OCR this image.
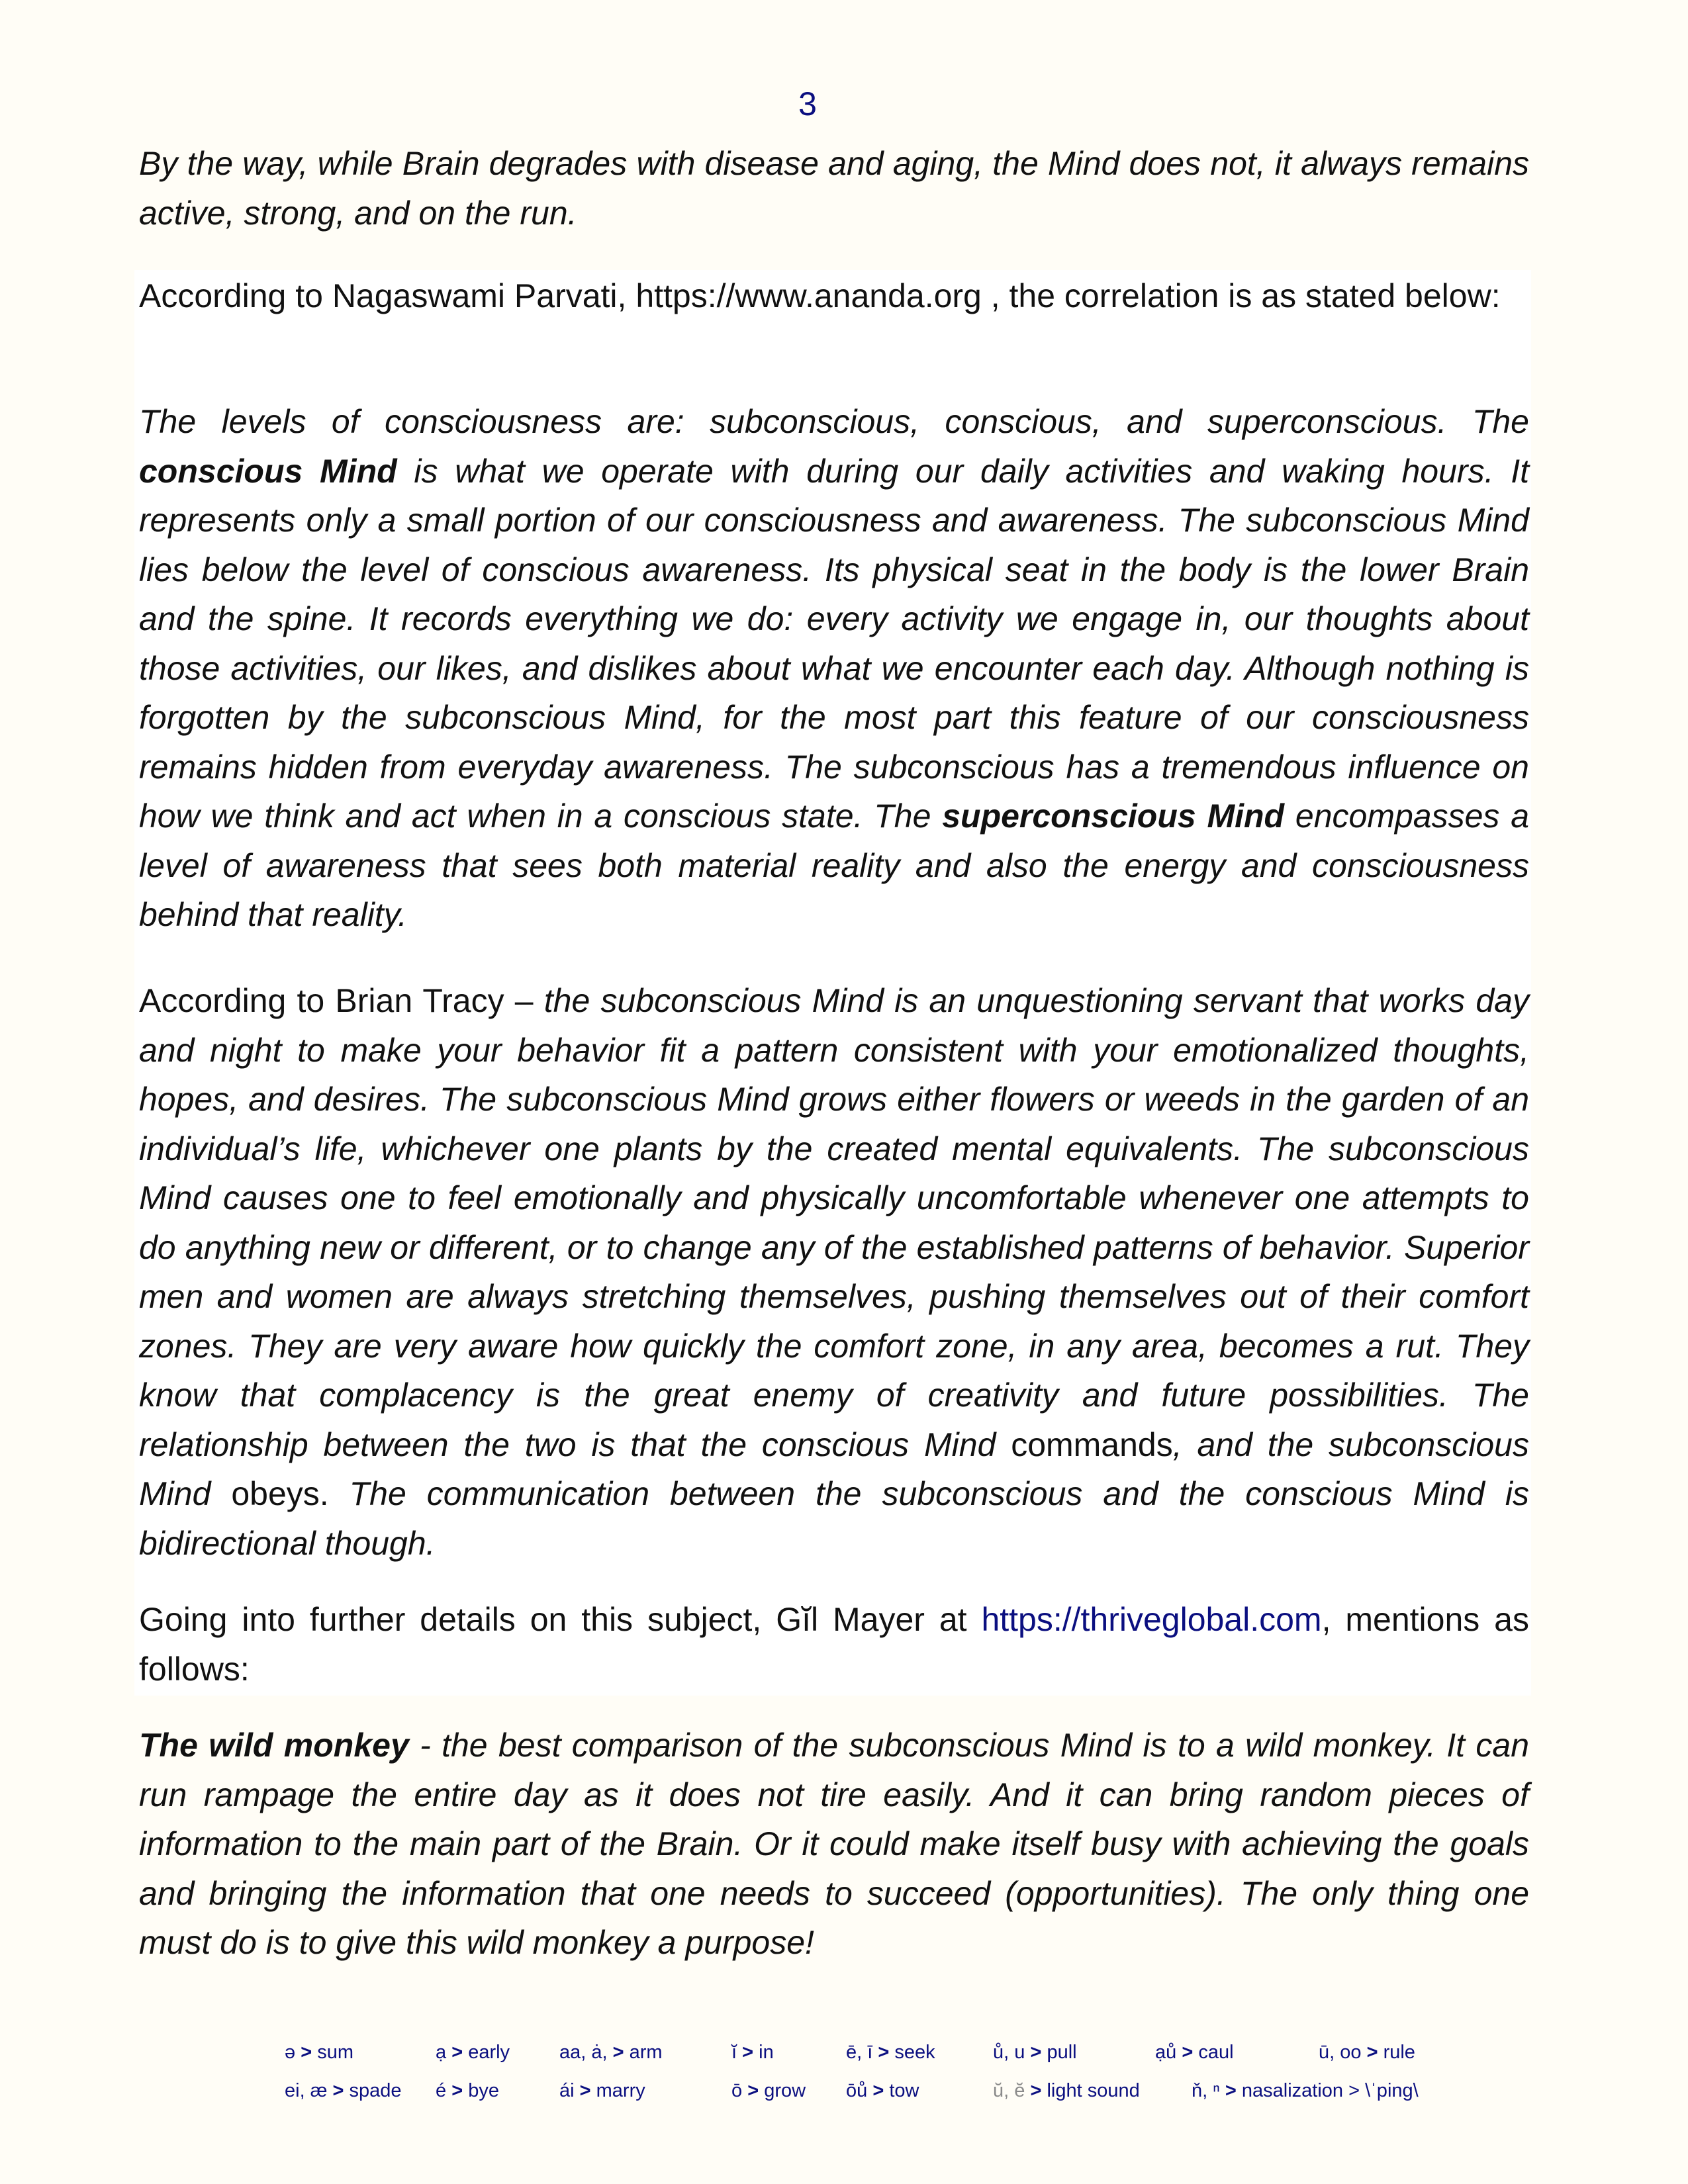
3

By the way, while Brain degrades with disease and aging, the Mind does not, it always remains active, strong, and on the run.

According to Nagaswami Parvati, https://www.ananda.org , the correlation is as stated below:

The levels of consciousness are: subconscious, conscious, and superconscious. The conscious Mind is what we operate with during our daily activities and waking hours. It represents only a small portion of our consciousness and awareness. The subconscious Mind lies below the level of conscious awareness. Its physical seat in the body is the lower Brain and the spine. It records everything we do: every activity we engage in, our thoughts about those activities, our likes, and dislikes about what we encounter each day. Although nothing is forgotten by the subconscious Mind, for the most part this feature of our consciousness remains hidden from everyday awareness. The subconscious has a tremendous influence on how we think and act when in a conscious state. The superconscious Mind encompasses a level of awareness that sees both material reality and also the energy and consciousness behind that reality.

According to Brian Tracy – the subconscious Mind is an unquestioning servant that works day and night to make your behavior fit a pattern consistent with your emotionalized thoughts, hopes, and desires. The subconscious Mind grows either flowers or weeds in the garden of an individual’s life, whichever one plants by the created mental equivalents. The subconscious Mind causes one to feel emotionally and physically uncomfortable whenever one attempts to do anything new or different, or to change any of the established patterns of behavior. Superior men and women are always stretching themselves, pushing themselves out of their comfort zones. They are very aware how quickly the comfort zone, in any area, becomes a rut. They know that complacency is the great enemy of creativity and future possibilities. The relationship between the two is that the conscious Mind commands, and the subconscious Mind obeys. The communication between the subconscious and the conscious Mind is bidirectional though.

Going into further details on this subject, Gĭl Mayer at https://thriveglobal.com, mentions as follows:

The wild monkey - the best comparison of the subconscious Mind is to a wild monkey. It can run rampage the entire day as it does not tire easily. And it can bring random pieces of information to the main part of the Brain. Or it could make itself busy with achieving the goals and bringing the information that one needs to succeed (opportunities). The only thing one must do is to give this wild monkey a purpose!

ə > sum	ạ > early	aa, ȧ, > arm	ĭ > in	ē, ī > seek	ů, u > pull	ạů > caul	ū, oo > rule
ei, æ > spade é > bye	ái > marry	ō > grow ōů > tow	ŭ, ĕ > light sound	ň, ⁿ > nasalization > \ˈping\
